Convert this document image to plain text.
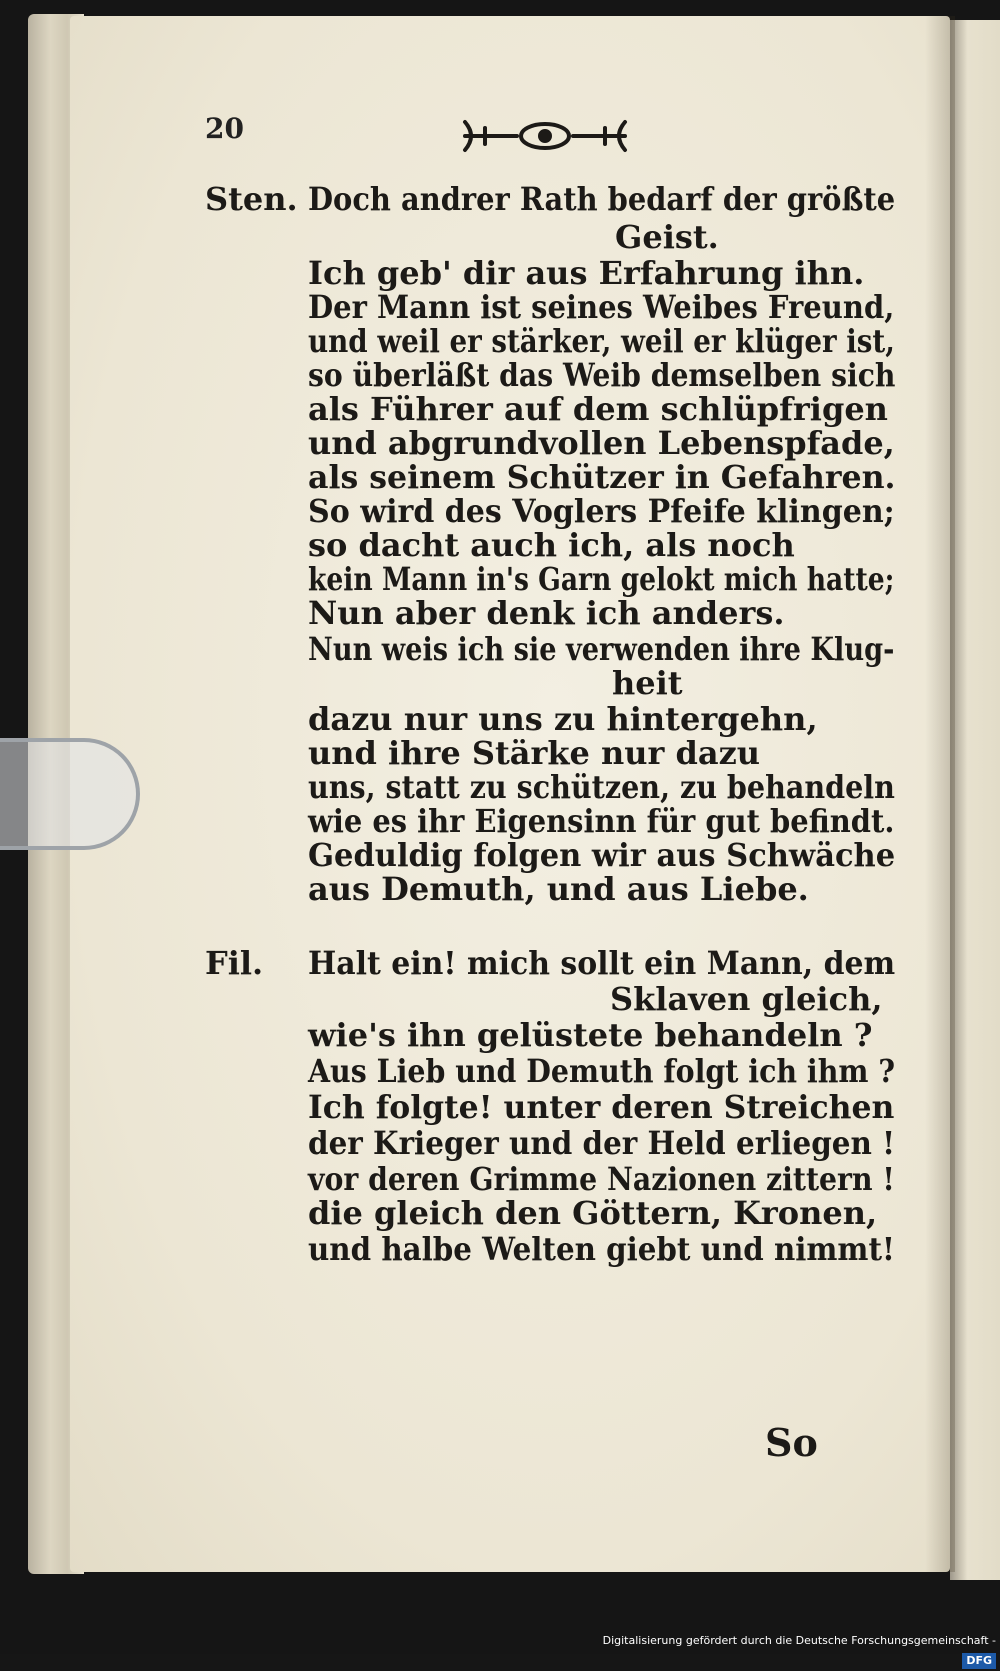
20
Sten. Doch andrer Rath bedarf der größte
Geist.
Ich geb' dir aus Erfahrung ihn.
Der Mann ist seines Weibes Freund,
und weil er stärker, weil er klüger ist,
so überläßt das Weib demselben sich
als Führer auf dem schlüpfrigen
und abgrundvollen Lebenspfade,
als seinem Schützer in Gefahren.
So wird des Voglers Pfeife klingen;
so dacht auch ich, als noch
kein Mann in's Garn gelokt mich hatte;
Nun aber denk ich anders.
Nun weis ich sie verwenden ihre Klug-
heit
dazu nur uns zu hintergehn,
und ihre Stärke nur dazu
uns, statt zu schützen, zu behandeln
wie es ihr Eigensinn für gut befindt.
Geduldig folgen wir aus Schwäche
aus Demuth, und aus Liebe.
Fil. Halt ein! mich sollt ein Mann, dem
Sklaven gleich,
wie's ihn gelüstete behandeln ?
Aus Lieb und Demuth folgt ich ihm ?
Ich folgte! unter deren Streichen
der Krieger und der Held erliegen !
vor deren Grimme Nazionen zittern !
die gleich den Göttern, Kronen,
und halbe Welten giebt und nimmt!
So
Digitalisierung gefördert durch die Deutsche Forschungsgemeinschaft -DFG
